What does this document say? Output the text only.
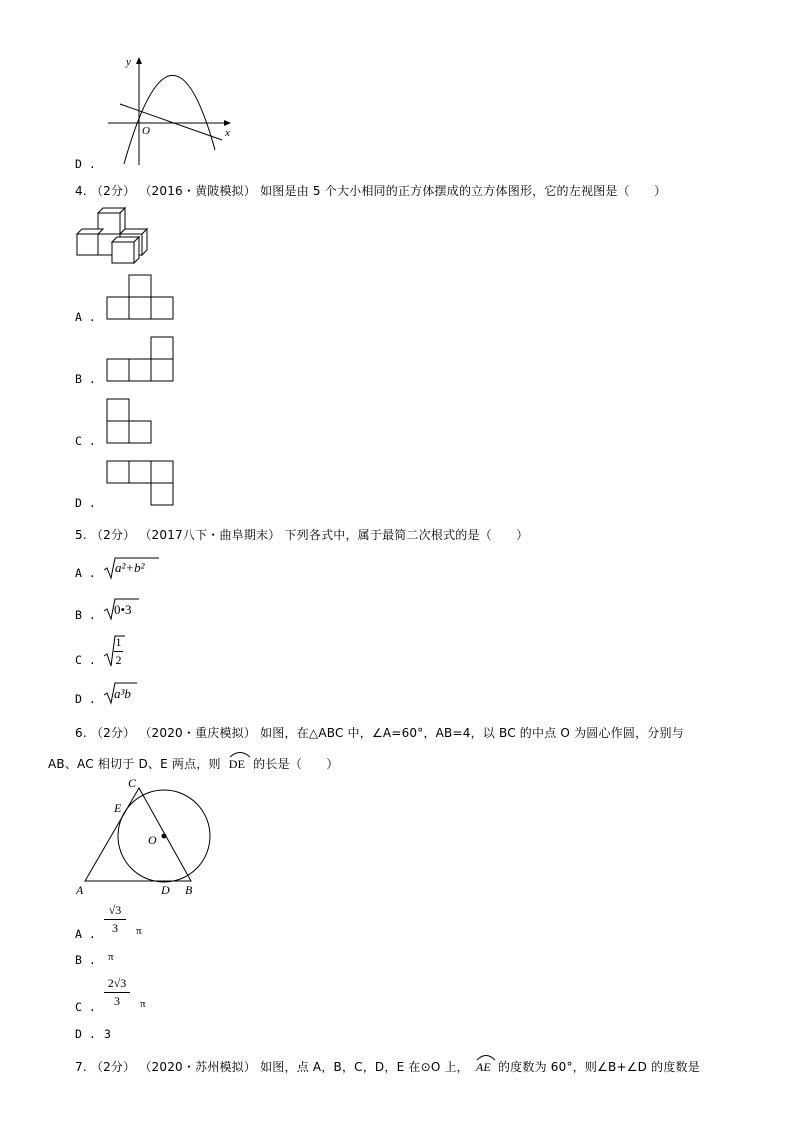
y
x
O
D .
4. （2分） （2016・黄陂模拟） 如图是由 5 个大小相同的正方体摆成的立方体图形，它的左视图是（　　）
A .
B .
C .
D .
5. （2分） （2017八下・曲阜期末） 下列各式中，属于最简二次根式的是（　　）
A . a²+b²
B . 0•3
C .
1
2
D . a³b
6. （2分） （2020・重庆模拟） 如图，在△ABC 中，∠A=60°，AB=4，以 BC 的中点 O 为圆心作圆，分别与
AB、AC 相切于 D、E 两点，则 DE 的长是（　　）
C
E
O
A	D B
A .
√3
3	π
B . π
C .
2√3
3	π
D . 3
7. （2分） （2020・苏州模拟） 如图，点 A，B，C，D，E 在⊙O 上， AE 的度数为 60°，则∠B+∠D 的度数是
